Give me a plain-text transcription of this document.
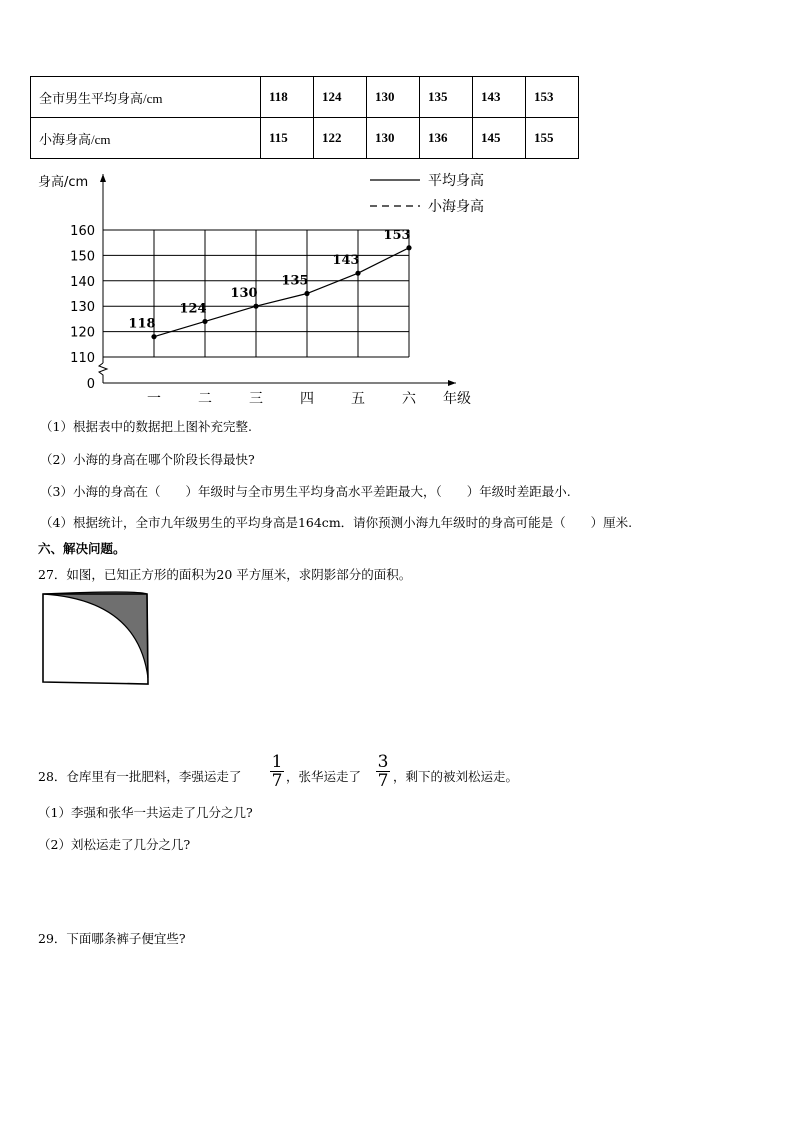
全市男生平均身高/cm	118	124	130	135	143	153
小海身高/cm	115	122	130	136	145	155
0
110
120
130
140
150
160
一	二	三	四	五	六 年级
身高/cm	平均身高
小海身高
118
124
130
135
143
153
（1）根据表中的数据把上图补充完整.
（2）小海的身高在哪个阶段长得最快?
（3）小海的身高在（　　）年级时与全市男生平均身高水平差距最大，（　　）年级时差距最小.
（4）根据统计，全市九年级男生的平均身高是164cm．请你预测小海九年级时的身高可能是（　　）厘米.
六、解决问题。
27．如图，已知正方形的面积为20 平方厘米，求阴影部分的面积。
28．仓库里有一批肥料，李强运走了
1
7 ，张华运走了
3
7 ，剩下的被刘松运走。
（1）李强和张华一共运走了几分之几?
（2）刘松运走了几分之几?
29．下面哪条裤子便宜些?
